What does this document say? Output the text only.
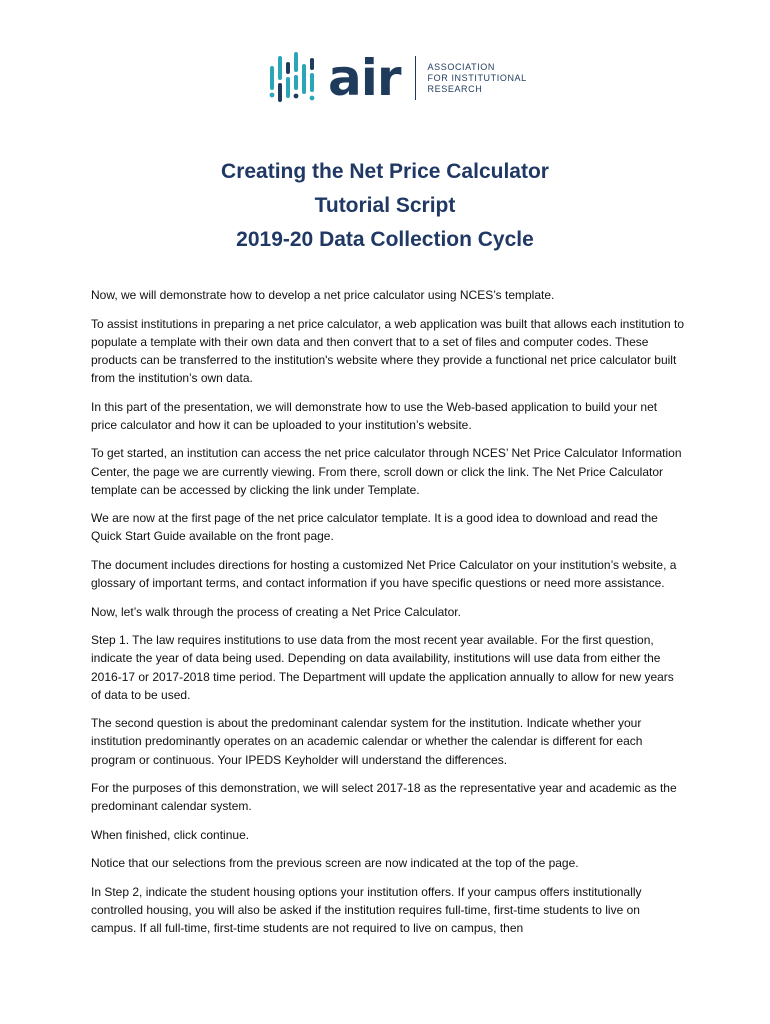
air	ASSOCIATION
FOR INSTITUTIONAL
RESEARCH
Creating the Net Price Calculator
Tutorial Script
2019-20 Data Collection Cycle

Now, we will demonstrate how to develop a net price calculator using NCES’s template.

To assist institutions in preparing a net price calculator, a web application was built that allows each institution to populate a template with their own data and then convert that to a set of files and computer codes. These products can be transferred to the institution's website where they provide a functional net price calculator built from the institution’s own data.

In this part of the presentation, we will demonstrate how to use the Web-based application to build your net price calculator and how it can be uploaded to your institution’s website.

To get started, an institution can access the net price calculator through NCES’ Net Price Calculator Information Center, the page we are currently viewing. From there, scroll down or click the link. The Net Price Calculator template can be accessed by clicking the link under Template.

We are now at the first page of the net price calculator template. It is a good idea to download and read the Quick Start Guide available on the front page.

The document includes directions for hosting a customized Net Price Calculator on your institution’s website, a glossary of important terms, and contact information if you have specific questions or need more assistance.

Now, let’s walk through the process of creating a Net Price Calculator.

Step 1. The law requires institutions to use data from the most recent year available. For the first question, indicate the year of data being used. Depending on data availability, institutions will use data from either the 2016-17 or 2017-2018 time period. The Department will update the application annually to allow for new years of data to be used.

The second question is about the predominant calendar system for the institution. Indicate whether your institution predominantly operates on an academic calendar or whether the calendar is different for each program or continuous. Your IPEDS Keyholder will understand the differences.

For the purposes of this demonstration, we will select 2017-18 as the representative year and academic as the predominant calendar system.

When finished, click continue.

Notice that our selections from the previous screen are now indicated at the top of the page.

In Step 2, indicate the student housing options your institution offers. If your campus offers institutionally controlled housing, you will also be asked if the institution requires full-time, first-time students to live on campus. If all full-time, first-time students are not required to live on campus, then
